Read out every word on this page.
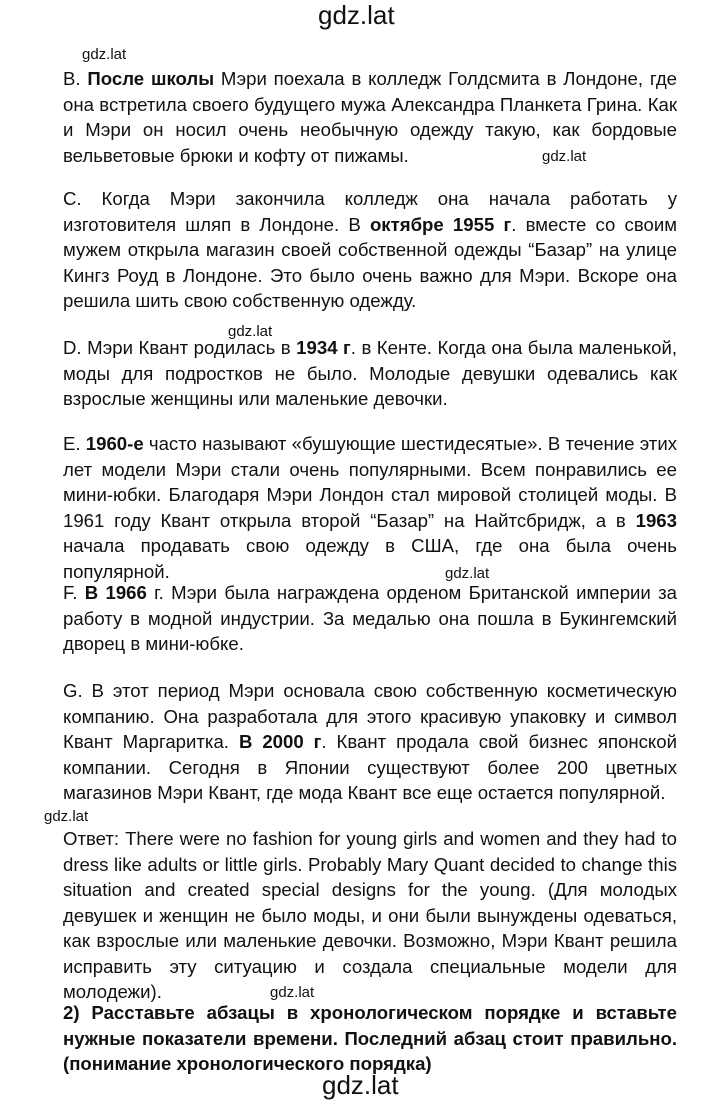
gdz.lat
gdz.lat
gdz.lat
gdz.lat
gdz.lat
gdz.lat
gdz.lat
gdz.lat
B. После школы Мэри поехала в колледж Голдсмита в Лондоне, где она встретила своего будущего мужа Александра Планкета Грина. Как и Мэри он носил очень необычную одежду такую, как бордовые вельветовые брюки и кофту от пижамы.
C. Когда Мэри закончила колледж она начала работать у изготовителя шляп в Лондоне. В октябре 1955 г. вместе со своим мужем открыла магазин своей собственной одежды “Базар” на улице Кингз Роуд в Лондоне. Это было очень важно для Мэри. Вскоре она решила шить свою собственную одежду.
D. Мэри Квант родилась в 1934 г. в Кенте. Когда она была маленькой, моды для подростков не было. Молодые девушки одевались как взрослые женщины или маленькие девочки.
E. 1960-е часто называют «бушующие шестидесятые». В течение этих лет модели Мэри стали очень популярными. Всем понравились ее мини-юбки. Благодаря Мэри Лондон стал мировой столицей моды. В 1961 году Квант открыла второй “Базар” на Найтсбридж, а в 1963 начала продавать свою одежду в США, где она была очень популярной.
F. В 1966 г. Мэри была награждена орденом Британской империи за работу в модной индустрии. За медалью она пошла в Букингемский дворец в мини-юбке.
G. В этот период Мэри основала свою собственную косметическую компанию. Она разработала для этого красивую упаковку и символ Квант Маргаритка. В 2000 г. Квант продала свой бизнес японской компании. Сегодня в Японии существуют более 200 цветных магазинов Мэри Квант, где мода Квант все еще остается популярной.
Ответ: There were no fashion for young girls and women and they had to dress like adults or little girls. Probably Mary Quant decided to change this situation and created special designs for the young. (Для молодых девушек и женщин не было моды, и они были вынуждены одеваться, как взрослые или маленькие девочки. Возможно, Мэри Квант решила исправить эту ситуацию и создала специальные модели для молодежи).
2) Расставьте абзацы в хронологическом порядке и вставьте нужные показатели времени. Последний абзац стоит правильно. (понимание хронологического порядка)
